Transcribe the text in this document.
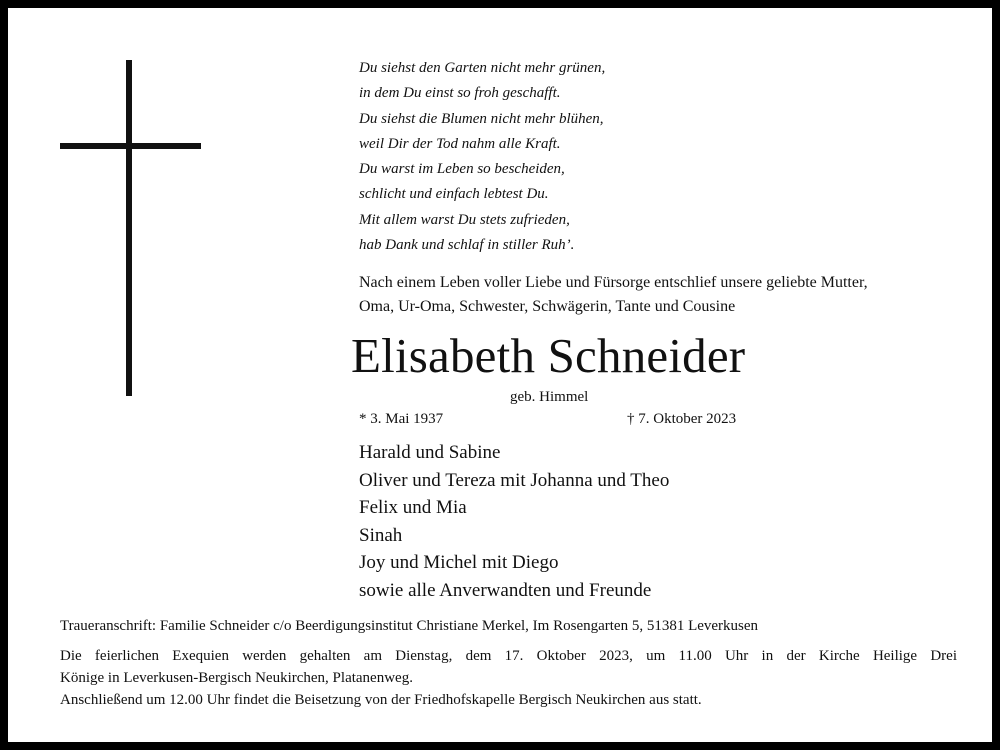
Du siehst den Garten nicht mehr grünen,
in dem Du einst so froh geschafft.
Du siehst die Blumen nicht mehr blühen,
weil Dir der Tod nahm alle Kraft.
Du warst im Leben so bescheiden,
schlicht und einfach lebtest Du.
Mit allem warst Du stets zufrieden,
hab Dank und schlaf in stiller Ruh’.
Nach einem Leben voller Liebe und Fürsorge entschlief unsere geliebte Mutter,
Oma, Ur-Oma, Schwester, Schwägerin, Tante und Cousine
Elisabeth Schneider
geb. Himmel
* 3. Mai 1937	† 7. Oktober 2023
Harald und Sabine
Oliver und Tereza mit Johanna und Theo
Felix und Mia
Sinah
Joy und Michel mit Diego
sowie alle Anverwandten und Freunde
Traueranschrift: Familie Schneider c/o Beerdigungsinstitut Christiane Merkel, Im Rosengarten 5, 51381 Leverkusen
Die feierlichen Exequien werden gehalten am Dienstag, dem 17. Oktober 2023, um 11.00 Uhr in der Kirche Heilige Drei
Könige in Leverkusen-Bergisch Neukirchen, Platanenweg.
Anschließend um 12.00 Uhr findet die Beisetzung von der Friedhofskapelle Bergisch Neukirchen aus statt.
